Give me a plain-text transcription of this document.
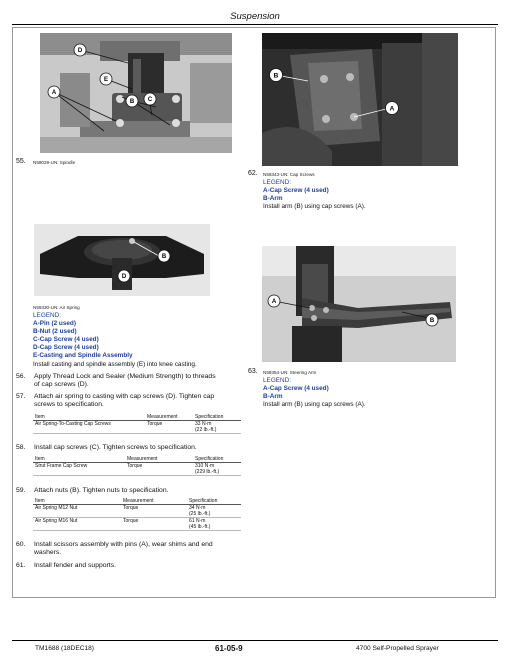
Suspension
D
E
A
B C
55. N59029-UN: Spindle
B
A
62. N59343-UN: Cap Screws
LEGEND:
A-Cap Screw (4 used)
B-Arm
Install arm (B) using cap screws (A).
B
D
N59330-UN: Air Spring
LEGEND:
A-Pin (2 used)
B-Nut (2 used)
C-Cap Screw (4 used)
D-Cap Screw (4 used)
E-Casting and Spindle Assembly
Install casting and spindle assembly (E) into knee casting.
A
B
63. N59354-UN: Steering Arm
LEGEND:
A-Cap Screw (4 used)
B-Arm
Install arm (B) using cap screws (A).
56. Apply Thread Lock and Sealer (Medium Strength) to threads
of cap screws (D).
57. Attach air spring to casting with cap screws (D). Tighten cap
screws to specification.
Item	Measurement	Specification
Air Spring-To-Casting Cap Screws	Torque	33 N·m
(22 lb.-ft.)
58. Install cap screws (C). Tighten screws to specification.
Item	Measurement	Specification
Strut Frame Cap Screw	Torque	310 N·m
(229 lb.-ft.)
59. Attach nuts (B). Tighten nuts to specification.
Item	Measurement	Specification
Air Spring M12 Nut	Torque	34 N·m
(25 lb.-ft.)
Air Spring M16 Nut	Torque	61 N·m
(45 lb.-ft.)
60. Install scissors assembly with pins (A), wear shims and end
washers.
61. Install fender and supports.
TM1688 (18DEC18)	61-05-9	4700 Self-Propelled Sprayer
